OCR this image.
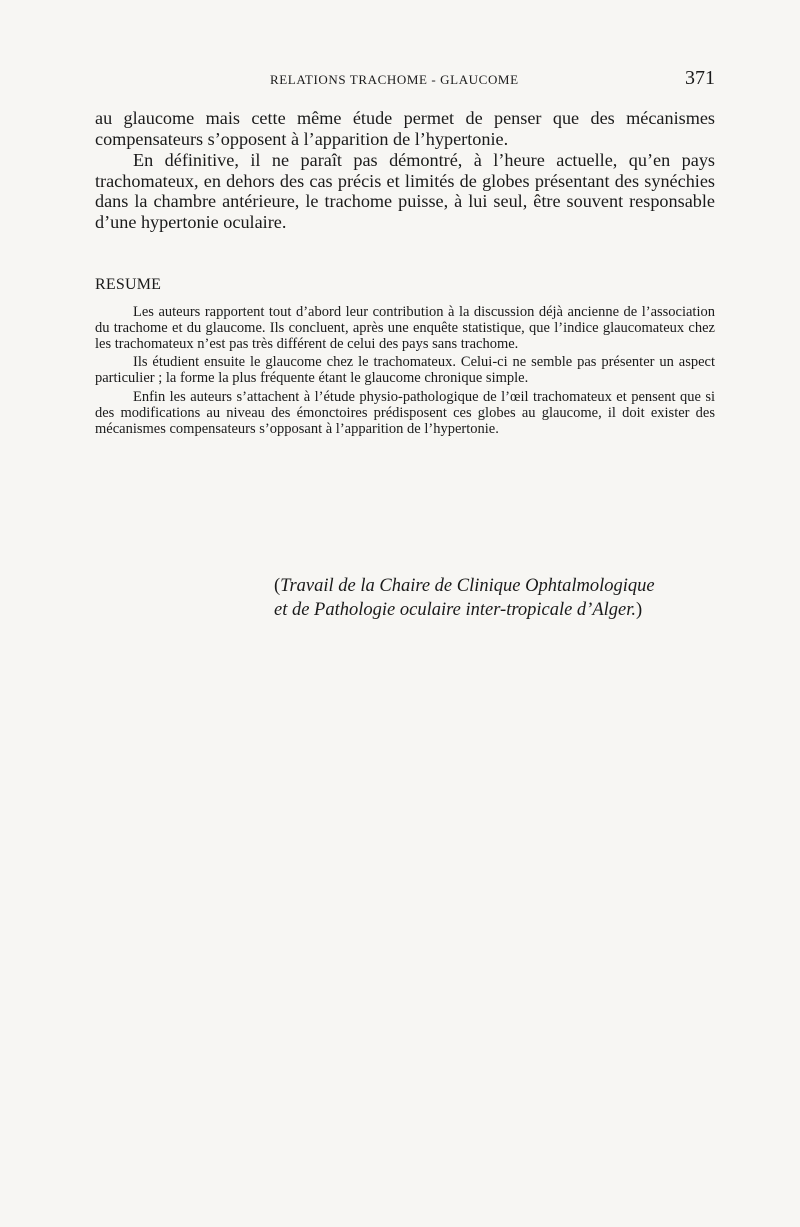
RELATIONS TRACHOME - GLAUCOME	371

au glaucome mais cette même étude permet de penser que des mécanismes compensateurs s’opposent à l’apparition de l’hypertonie.

En définitive, il ne paraît pas démontré, à l’heure actuelle, qu’en pays trachomateux, en dehors des cas précis et limités de globes présentant des synéchies dans la chambre antérieure, le trachome puisse, à lui seul, être souvent responsable d’une hypertonie oculaire.

RESUME

Les auteurs rapportent tout d’abord leur contribution à la discussion déjà ancienne de l’association du trachome et du glaucome. Ils concluent, après une enquête statistique, que l’indice glaucomateux chez les trachomateux n’est pas très différent de celui des pays sans trachome.

Ils étudient ensuite le glaucome chez le trachomateux. Celui-ci ne semble pas présenter un aspect particulier ; la forme la plus fréquente étant le glaucome chronique simple.

Enfin les auteurs s’attachent à l’étude physio-pathologique de l’œil trachomateux et pensent que si des modifications au niveau des émonctoires prédisposent ces globes au glaucome, il doit exister des mécanismes compensateurs s’opposant à l’apparition de l’hypertonie.

(Travail de la Chaire de Clinique Ophtalmologique
et de Pathologie oculaire inter-tropicale d’Alger.)
